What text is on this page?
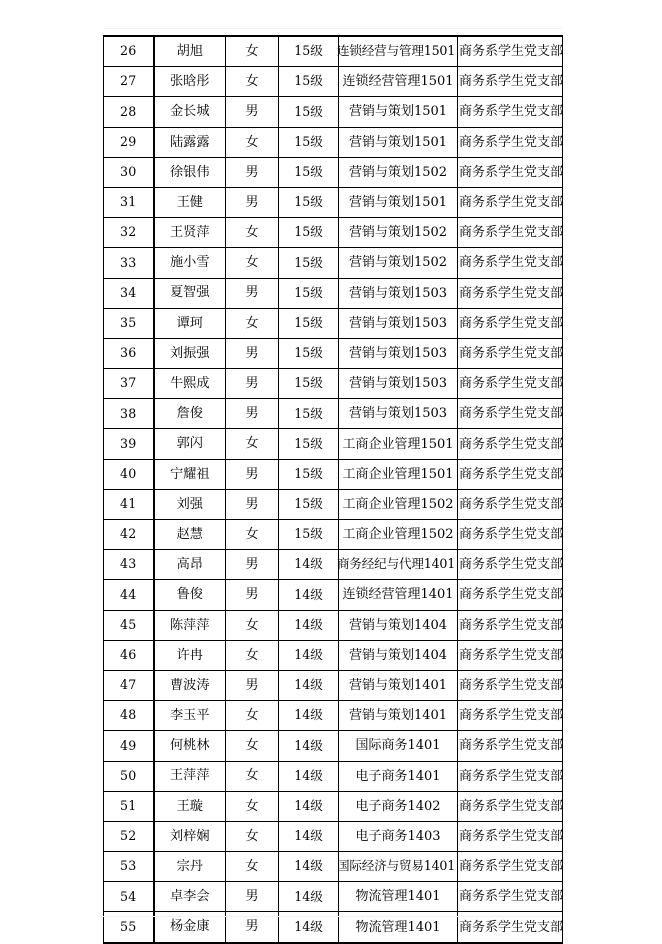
26	胡旭	女	15级	连锁经营与管理1501	商务系学生党支部
27	张晗彤	女	15级	连锁经营管理1501	商务系学生党支部
28	金长城	男	15级	营销与策划1501	商务系学生党支部
29	陆露露	女	15级	营销与策划1501	商务系学生党支部
30	徐银伟	男	15级	营销与策划1502	商务系学生党支部
31	王健	男	15级	营销与策划1501	商务系学生党支部
32	王贤萍	女	15级	营销与策划1502	商务系学生党支部
33	施小雪	女	15级	营销与策划1502	商务系学生党支部
34	夏智强	男	15级	营销与策划1503	商务系学生党支部
35	谭珂	女	15级	营销与策划1503	商务系学生党支部
36	刘振强	男	15级	营销与策划1503	商务系学生党支部
37	牛熙成	男	15级	营销与策划1503	商务系学生党支部
38	詹俊	男	15级	营销与策划1503	商务系学生党支部
39	郭闪	女	15级	工商企业管理1501	商务系学生党支部
40	宁耀祖	男	15级	工商企业管理1501	商务系学生党支部
41	刘强	男	15级	工商企业管理1502	商务系学生党支部
42	赵慧	女	15级	工商企业管理1502	商务系学生党支部
43	高昂	男	14级	商务经纪与代理1401	商务系学生党支部
44	鲁俊	男	14级	连锁经营管理1401	商务系学生党支部
45	陈萍萍	女	14级	营销与策划1404	商务系学生党支部
46	许冉	女	14级	营销与策划1404	商务系学生党支部
47	曹波涛	男	14级	营销与策划1401	商务系学生党支部
48	李玉平	女	14级	营销与策划1401	商务系学生党支部
49	何桃林	女	14级	国际商务1401	商务系学生党支部
50	王萍萍	女	14级	电子商务1401	商务系学生党支部
51	王璇	女	14级	电子商务1402	商务系学生党支部
52	刘梓娴	女	14级	电子商务1403	商务系学生党支部
53	宗丹	女	14级	国际经济与贸易1401	商务系学生党支部
54	卓李会	男	14级	物流管理1401	商务系学生党支部
55	杨金康	男	14级	物流管理1401	商务系学生党支部
